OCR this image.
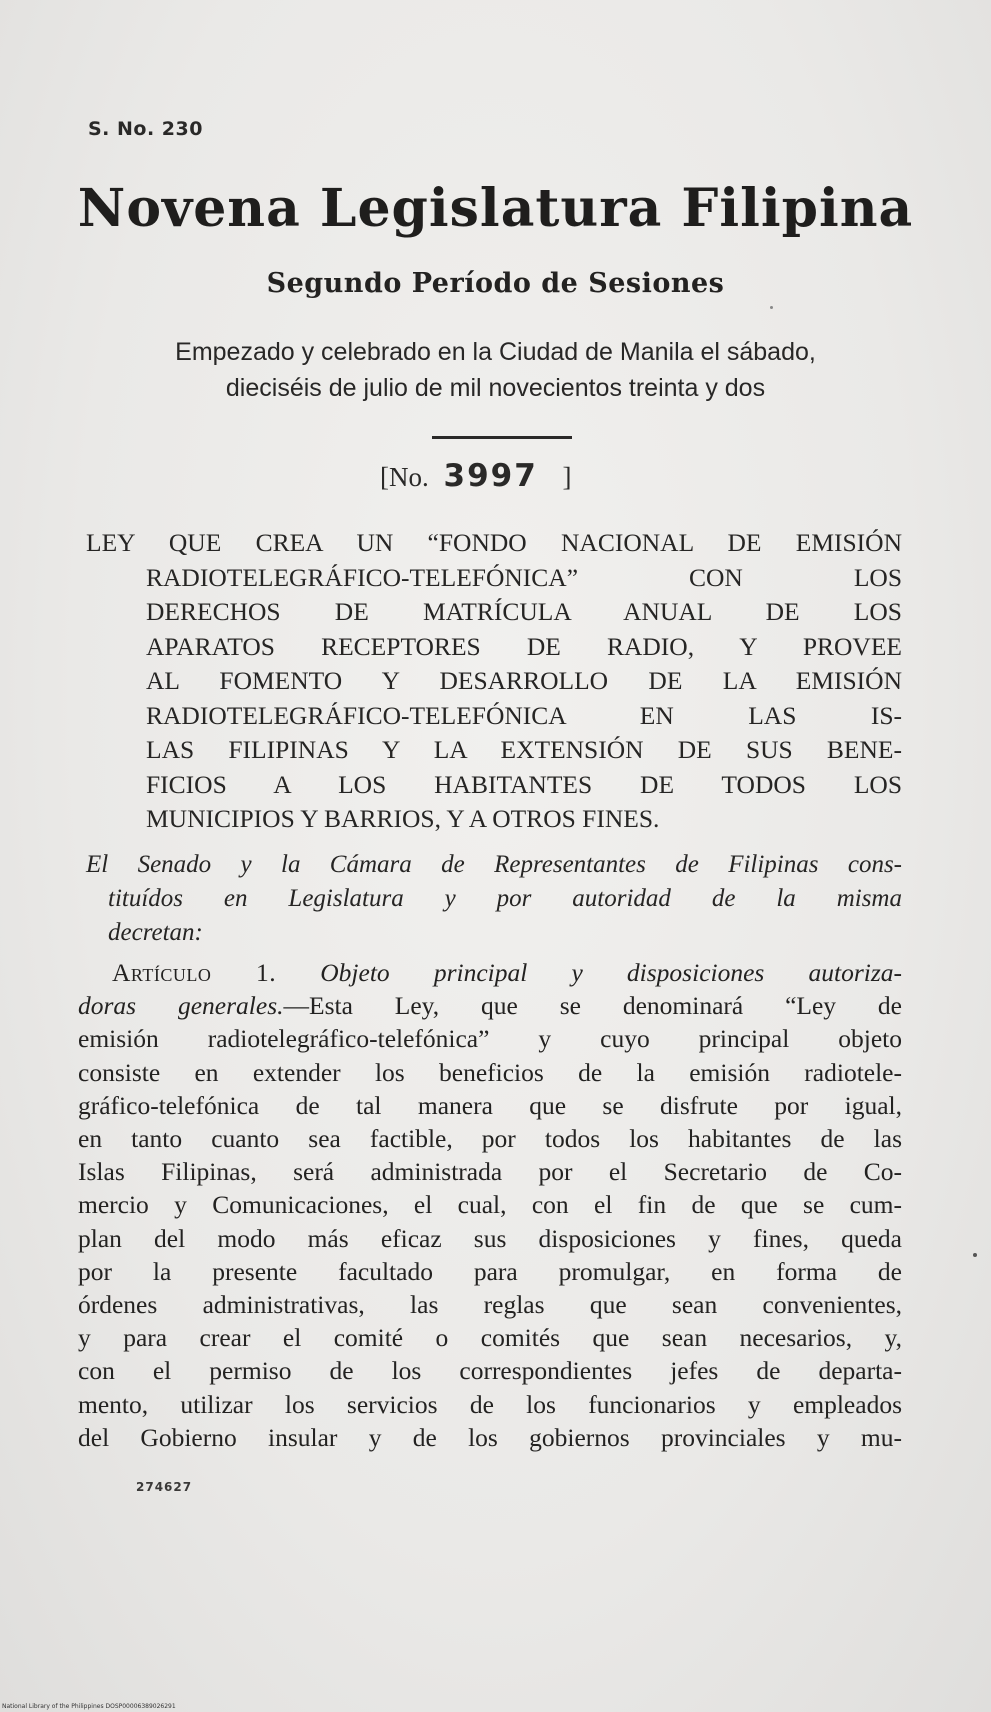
S. No. 230
Novena Legislatura Filipina
Segundo Período de Sesiones
Empezado y celebrado en la Ciudad de Manila el sábado,
dieciséis de julio de mil novecientos treinta y dos
[No. 3997 ]
LEY QUE CREA UN “FONDO NACIONAL DE EMISIÓN
RADIOTELEGRÁFICO-TELEFÓNICA” CON LOS
DERECHOS DE MATRÍCULA ANUAL DE LOS
APARATOS RECEPTORES DE RADIO, Y PROVEE
AL FOMENTO Y DESARROLLO DE LA EMISIÓN
RADIOTELEGRÁFICO-TELEFÓNICA EN LAS IS-
LAS FILIPINAS Y LA EXTENSIÓN DE SUS BENE-
FICIOS A LOS HABITANTES DE TODOS LOS
MUNICIPIOS Y BARRIOS, Y A OTROS FINES.
El Senado y la Cámara de Representantes de Filipinas cons-
tituídos en Legislatura y por autoridad de la misma
decretan:
Artículo 1. Objeto principal y disposiciones autoriza-
doras generales.—Esta Ley, que se denominará “Ley de
emisión radiotelegráfico-telefónica” y cuyo principal objeto
consiste en extender los beneficios de la emisión radiotele-
gráfico-telefónica de tal manera que se disfrute por igual,
en tanto cuanto sea factible, por todos los habitantes de las
Islas Filipinas, será administrada por el Secretario de Co-
mercio y Comunicaciones, el cual, con el fin de que se cum-
plan del modo más eficaz sus disposiciones y fines, queda
por la presente facultado para promulgar, en forma de
órdenes administrativas, las reglas que sean convenientes,
y para crear el comité o comités que sean necesarios, y,
con el permiso de los correspondientes jefes de departa-
mento, utilizar los servicios de los funcionarios y empleados
del Gobierno insular y de los gobiernos provinciales y mu-
274627
National Library of the Philippines DOSP00006389026291
